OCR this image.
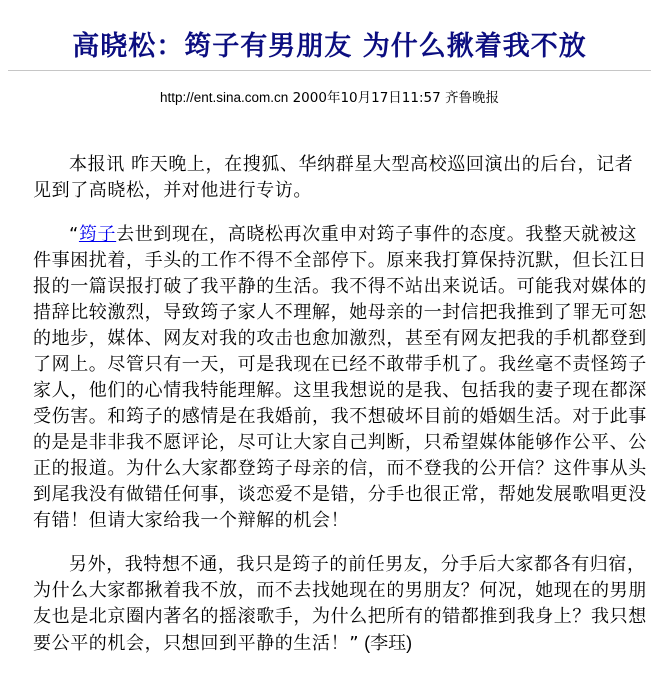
高晓松：筠子有男朋友 为什么揪着我不放
http://ent.sina.com.cn 2000年10月17日11:57 齐鲁晚报

本报讯 昨天晚上，在搜狐、华纳群星大型高校巡回演出的后台，记者见到了高晓松，并对他进行专访。

“筠子去世到现在，高晓松再次重申对筠子事件的态度。我整天就被这件事困扰着，手头的工作不得不全部停下。原来我打算保持沉默，但长江日报的一篇误报打破了我平静的生活。我不得不站出来说话。可能我对媒体的措辞比较激烈，导致筠子家人不理解，她母亲的一封信把我推到了罪无可恕的地步，媒体、网友对我的攻击也愈加激烈，甚至有网友把我的手机都登到了网上。尽管只有一天，可是我现在已经不敢带手机了。我丝毫不责怪筠子家人，他们的心情我特能理解。这里我想说的是我、包括我的妻子现在都深受伤害。和筠子的感情是在我婚前，我不想破坏目前的婚姻生活。对于此事的是是非非我不愿评论，尽可让大家自己判断，只希望媒体能够作公平、公正的报道。为什么大家都登筠子母亲的信，而不登我的公开信？这件事从头到尾我没有做错任何事，谈恋爱不是错，分手也很正常，帮她发展歌唱更没有错！但请大家给我一个辩解的机会！

另外，我特想不通，我只是筠子的前任男友，分手后大家都各有归宿，为什么大家都揪着我不放，而不去找她现在的男朋友？何况，她现在的男朋友也是北京圈内著名的摇滚歌手，为什么把所有的错都推到我身上？我只想要公平的机会，只想回到平静的生活！” (李珏)
